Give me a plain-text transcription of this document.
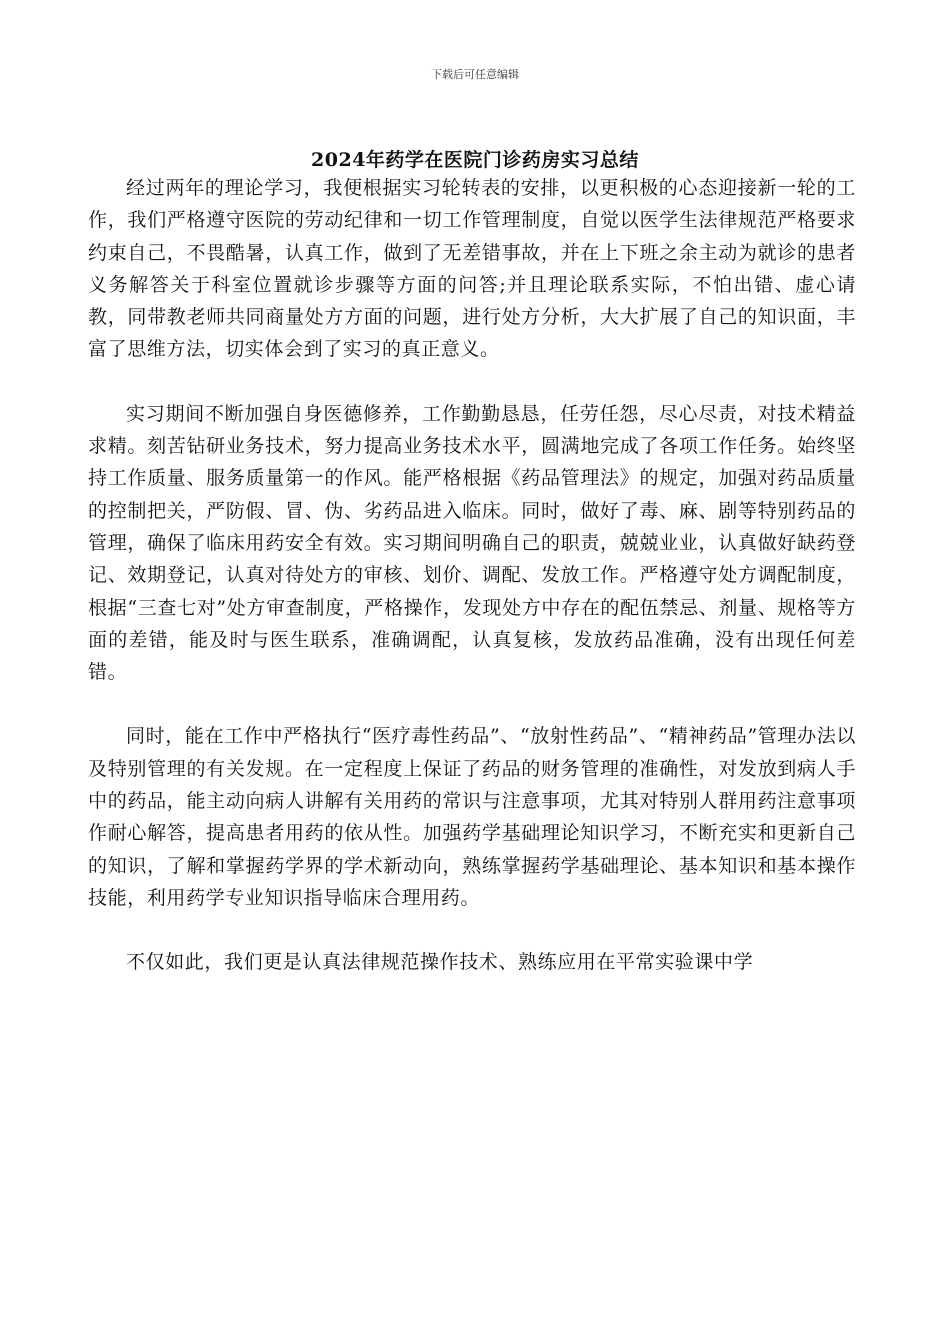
下载后可任意编辑
2024年药学在医院门诊药房实习总结

经过两年的理论学习，我便根据实习轮转表的安排，以更积极的心态迎接新一轮的工作，我们严格遵守医院的劳动纪律和一切工作管理制度，自觉以医学生法律规范严格要求约束自己，不畏酷暑，认真工作，做到了无差错事故，并在上下班之余主动为就诊的患者义务解答关于科室位置就诊步骤等方面的问答;并且理论联系实际，不怕出错、虚心请教，同带教老师共同商量处方方面的问题，进行处方分析，大大扩展了自己的知识面，丰富了思维方法，切实体会到了实习的真正意义。

实习期间不断加强自身医德修养，工作勤勤恳恳，任劳任怨，尽心尽责，对技术精益求精。刻苦钻研业务技术，努力提高业务技术水平，圆满地完成了各项工作任务。始终坚持工作质量、服务质量第一的作风。能严格根据《药品管理法》的规定，加强对药品质量的控制把关，严防假、冒、伪、劣药品进入临床。同时，做好了毒、麻、剧等特别药品的管理，确保了临床用药安全有效。实习期间明确自己的职责，兢兢业业，认真做好缺药登记、效期登记，认真对待处方的审核、划价、调配、发放工作。严格遵守处方调配制度，根据“三查七对”处方审查制度，严格操作，发现处方中存在的配伍禁忌、剂量、规格等方面的差错，能及时与医生联系，准确调配，认真复核，发放药品准确，没有出现任何差错。

同时，能在工作中严格执行“医疗毒性药品”、“放射性药品”、“精神药品”管理办法以及特别管理的有关发规。在一定程度上保证了药品的财务管理的准确性，对发放到病人手中的药品，能主动向病人讲解有关用药的常识与注意事项，尤其对特别人群用药注意事项作耐心解答，提高患者用药的依从性。加强药学基础理论知识学习，不断充实和更新自己的知识，了解和掌握药学界的学术新动向，熟练掌握药学基础理论、基本知识和基本操作技能，利用药学专业知识指导临床合理用药。

不仅如此，我们更是认真法律规范操作技术、熟练应用在平常实验课中学
